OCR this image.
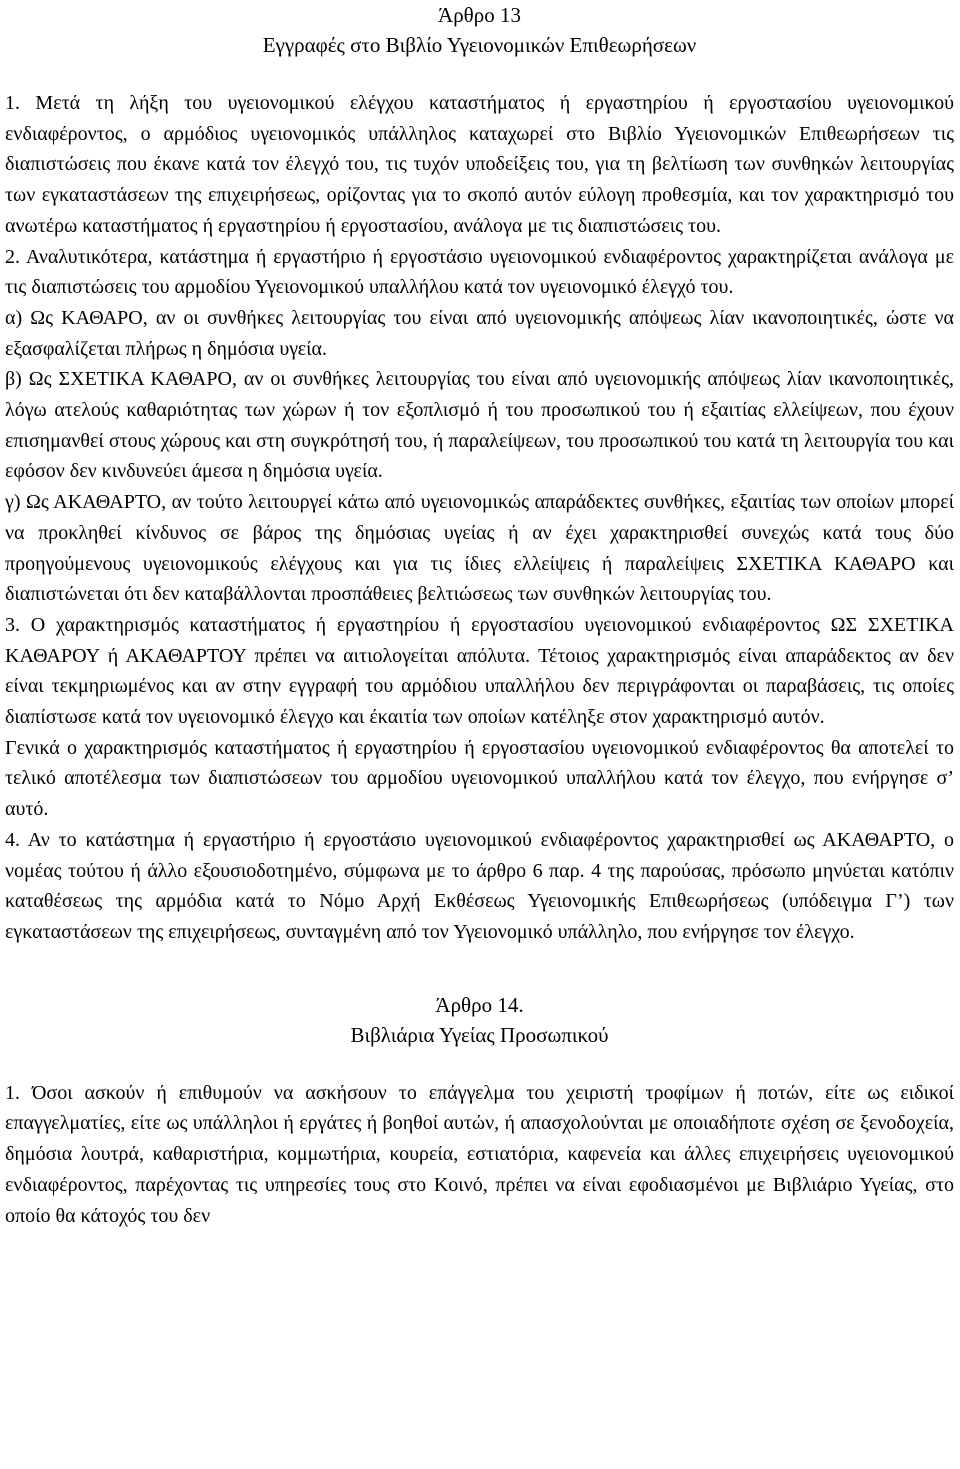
Άρθρο 13

Εγγραφές στο Βιβλίο Υγειονομικών Επιθεωρήσεων

1. Μετά τη λήξη του υγειονομικού ελέγχου καταστήματος ή εργαστηρίου ή εργοστασίου υγειονομικού ενδιαφέροντος, ο αρμόδιος υγειονομικός υπάλληλος καταχωρεί στο Βιβλίο Υγειονομικών Επιθεωρήσεων τις διαπιστώσεις που έκανε κατά τον έλεγχό του, τις τυχόν υποδείξεις του, για τη βελτίωση των συνθηκών λειτουργίας των εγκαταστάσεων της επιχειρήσεως, ορίζοντας για το σκοπό αυτόν εύλογη προθεσμία, και τον χαρακτηρισμό του ανωτέρω καταστήματος ή εργαστηρίου ή εργοστασίου, ανάλογα με τις διαπιστώσεις του.

2. Αναλυτικότερα, κατάστημα ή εργαστήριο ή εργοστάσιο υγειονομικού ενδιαφέροντος χαρακτηρίζεται ανάλογα με τις διαπιστώσεις του αρμοδίου Υγειονομικού υπαλλήλου κατά τον υγειονομικό έλεγχό του.

α) Ως ΚΑΘΑΡΟ, αν οι συνθήκες λειτουργίας του είναι από υγειονομικής απόψεως λίαν ικανοποιητικές, ώστε να εξασφαλίζεται πλήρως η δημόσια υγεία.

β) Ως ΣΧΕΤΙΚΑ ΚΑΘΑΡΟ, αν οι συνθήκες λειτουργίας του είναι από υγειονομικής απόψεως λίαν ικανοποιητικές, λόγω ατελούς καθαριότητας των χώρων ή τον εξοπλισμό ή του προσωπικού του ή εξαιτίας ελλείψεων, που έχουν επισημανθεί στους χώρους και στη συγκρότησή του, ή παραλείψεων, του προσωπικού του κατά τη λειτουργία του και εφόσον δεν κινδυνεύει άμεσα η δημόσια υγεία.

γ) Ως ΑΚΑΘΑΡΤΟ, αν τούτο λειτουργεί κάτω από υγειονομικώς απαράδεκτες συνθήκες, εξαιτίας των οποίων μπορεί να προκληθεί κίνδυνος σε βάρος της δημόσιας υγείας ή αν έχει χαρακτηρισθεί συνεχώς κατά τους δύο προηγούμενους υγειονομικούς ελέγχους και για τις ίδιες ελλείψεις ή παραλείψεις ΣΧΕΤΙΚΑ ΚΑΘΑΡΟ και διαπιστώνεται ότι δεν καταβάλλονται προσπάθειες βελτιώσεως των συνθηκών λειτουργίας του.

3. Ο χαρακτηρισμός καταστήματος ή εργαστηρίου ή εργοστασίου υγειονομικού ενδιαφέροντος ΩΣ ΣΧΕΤΙΚΑ ΚΑΘΑΡΟΥ ή ΑΚΑΘΑΡΤΟΥ πρέπει να αιτιολογείται απόλυτα. Τέτοιος χαρακτηρισμός είναι απαράδεκτος αν δεν είναι τεκμηριωμένος και αν στην εγγραφή του αρμόδιου υπαλλήλου δεν περιγράφονται οι παραβάσεις, τις οποίες διαπίστωσε κατά τον υγειονομικό έλεγχο και έκαιτία των οποίων κατέληξε στον χαρακτηρισμό αυτόν.

Γενικά ο χαρακτηρισμός καταστήματος ή εργαστηρίου ή εργοστασίου υγειονομικού ενδιαφέροντος θα αποτελεί το τελικό αποτέλεσμα των διαπιστώσεων του αρμοδίου υγειονομικού υπαλλήλου κατά τον έλεγχο, που ενήργησε σ’ αυτό.

4. Αν το κατάστημα ή εργαστήριο ή εργοστάσιο υγειονομικού ενδιαφέροντος χαρακτηρισθεί ως ΑΚΑΘΑΡΤΟ, ο νομέας τούτου ή άλλο εξουσιοδοτημένο, σύμφωνα με το άρθρο 6 παρ. 4 της παρούσας, πρόσωπο μηνύεται κατόπιν καταθέσεως της αρμόδια κατά το Νόμο Αρχή Εκθέσεως Υγειονομικής Επιθεωρήσεως (υπόδειγμα Γ’) των εγκαταστάσεων της επιχειρήσεως, συνταγμένη από τον Υγειονομικό υπάλληλο, που ενήργησε τον έλεγχο.

Άρθρο 14.

Βιβλιάρια Υγείας Προσωπικού

1. Όσοι ασκούν ή επιθυμούν να ασκήσουν το επάγγελμα του χειριστή τροφίμων ή ποτών, είτε ως ειδικοί επαγγελματίες, είτε ως υπάλληλοι ή εργάτες ή βοηθοί αυτών, ή απασχολούνται με οποιαδήποτε σχέση σε ξενοδοχεία, δημόσια λουτρά, καθαριστήρια, κομμωτήρια, κουρεία, εστιατόρια, καφενεία και άλλες επιχειρήσεις υγειονομικού ενδιαφέροντος, παρέχοντας τις υπηρεσίες τους στο Κοινό, πρέπει να είναι εφοδιασμένοι με Βιβλιάριο Υγείας, στο οποίο θα κάτοχός του δεν
